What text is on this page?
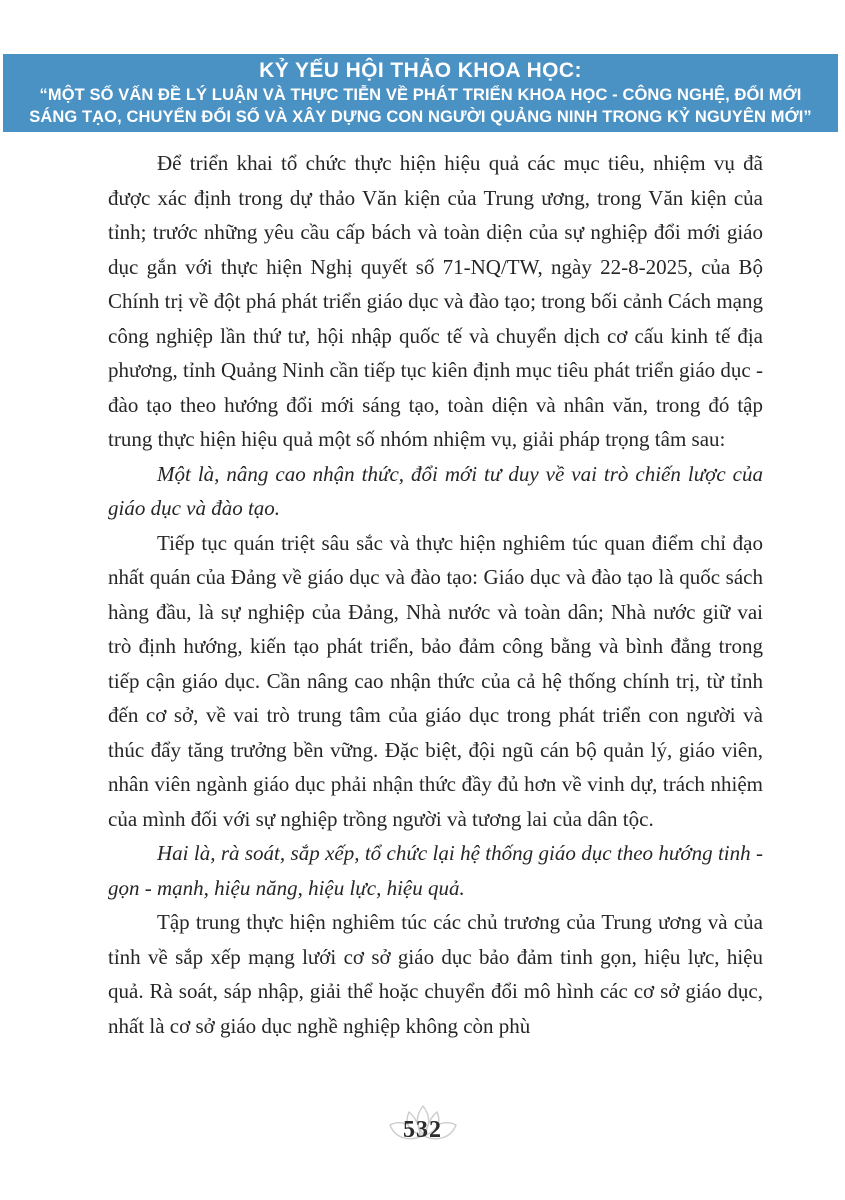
KỶ YẾU HỘI THẢO KHOA HỌC:
“MỘT SỐ VẤN ĐỀ LÝ LUẬN VÀ THỰC TIỄN VỀ PHÁT TRIỂN KHOA HỌC - CÔNG NGHỆ, ĐỔI MỚI
SÁNG TẠO, CHUYỂN ĐỔI SỐ VÀ XÂY DỰNG CON NGƯỜI QUẢNG NINH TRONG KỶ NGUYÊN MỚI”

Để triển khai tổ chức thực hiện hiệu quả các mục tiêu, nhiệm vụ đã được xác định trong dự thảo Văn kiện của Trung ương, trong Văn kiện của tỉnh; trước những yêu cầu cấp bách và toàn diện của sự nghiệp đổi mới giáo dục gắn với thực hiện Nghị quyết số 71-NQ/TW, ngày 22-8-2025, của Bộ Chính trị về đột phá phát triển giáo dục và đào tạo; trong bối cảnh Cách mạng công nghiệp lần thứ tư, hội nhập quốc tế và chuyển dịch cơ cấu kinh tế địa phương, tỉnh Quảng Ninh cần tiếp tục kiên định mục tiêu phát triển giáo dục - đào tạo theo hướng đổi mới sáng tạo, toàn diện và nhân văn, trong đó tập trung thực hiện hiệu quả một số nhóm nhiệm vụ, giải pháp trọng tâm sau:

Một là, nâng cao nhận thức, đổi mới tư duy về vai trò chiến lược của giáo dục và đào tạo.

Tiếp tục quán triệt sâu sắc và thực hiện nghiêm túc quan điểm chỉ đạo nhất quán của Đảng về giáo dục và đào tạo: Giáo dục và đào tạo là quốc sách hàng đầu, là sự nghiệp của Đảng, Nhà nước và toàn dân; Nhà nước giữ vai trò định hướng, kiến tạo phát triển, bảo đảm công bằng và bình đẳng trong tiếp cận giáo dục. Cần nâng cao nhận thức của cả hệ thống chính trị, từ tỉnh đến cơ sở, về vai trò trung tâm của giáo dục trong phát triển con người và thúc đẩy tăng trưởng bền vững. Đặc biệt, đội ngũ cán bộ quản lý, giáo viên, nhân viên ngành giáo dục phải nhận thức đầy đủ hơn về vinh dự, trách nhiệm của mình đối với sự nghiệp trồng người và tương lai của dân tộc.

Hai là, rà soát, sắp xếp, tổ chức lại hệ thống giáo dục theo hướng tinh - gọn - mạnh, hiệu năng, hiệu lực, hiệu quả.

Tập trung thực hiện nghiêm túc các chủ trương của Trung ương và của tỉnh về sắp xếp mạng lưới cơ sở giáo dục bảo đảm tinh gọn, hiệu lực, hiệu quả. Rà soát, sáp nhập, giải thể hoặc chuyển đổi mô hình các cơ sở giáo dục, nhất là cơ sở giáo dục nghề nghiệp không còn phù

532
